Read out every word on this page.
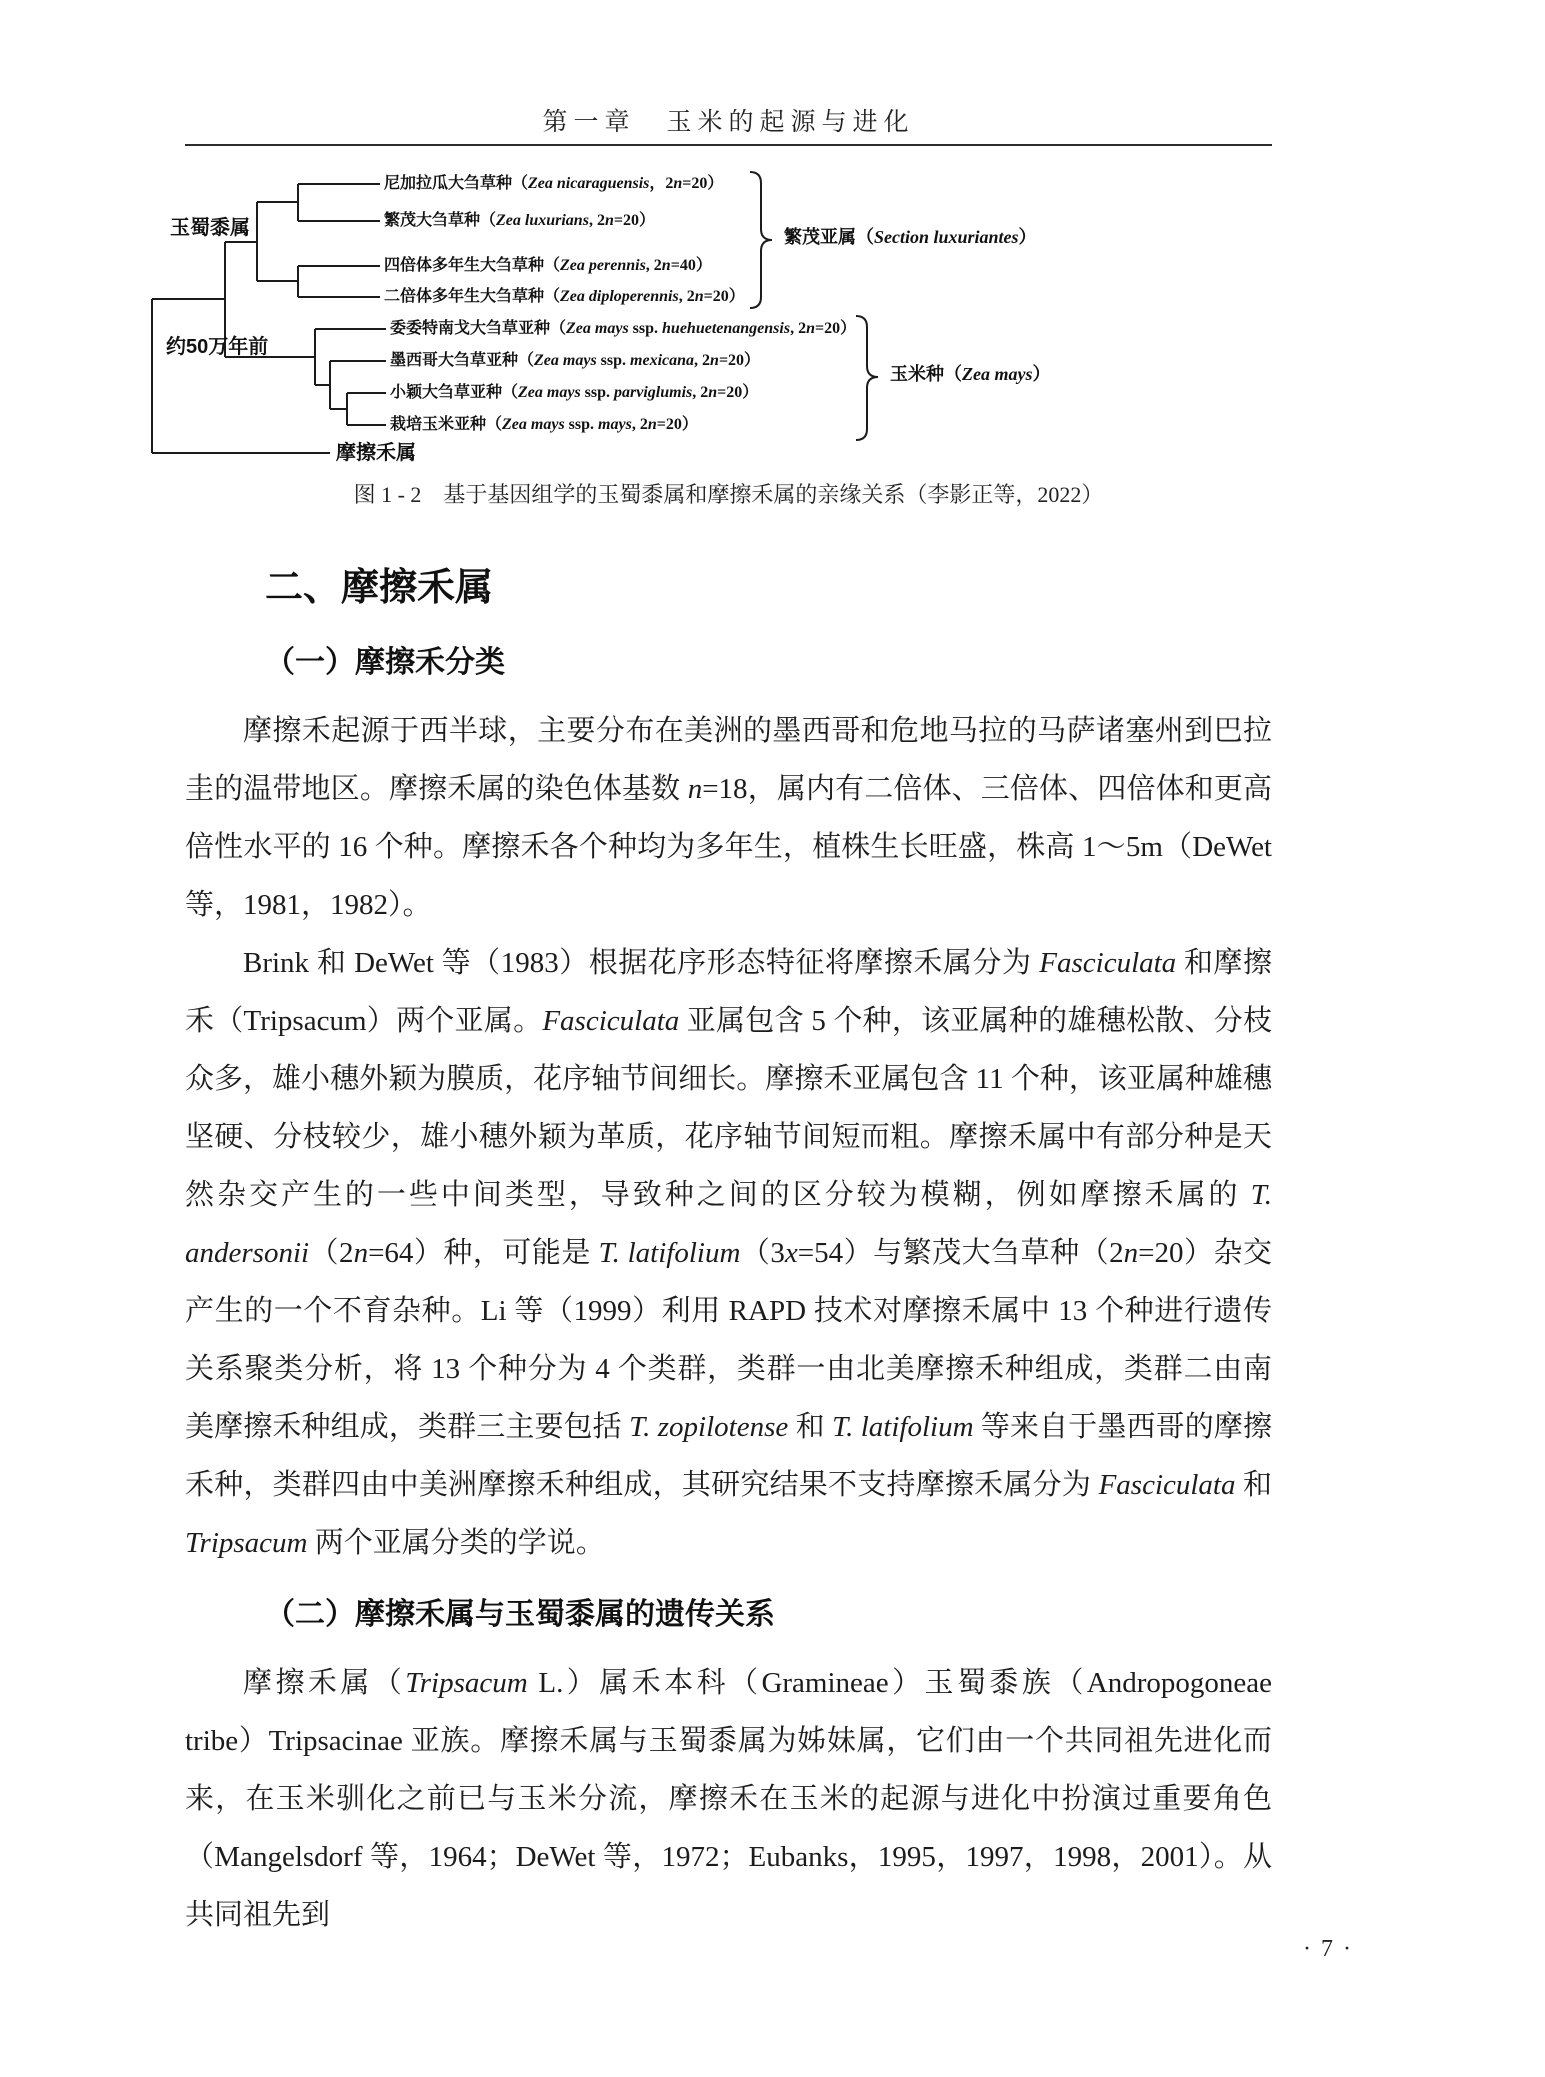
第一章　玉米的起源与进化
玉蜀黍属
约50万年前
摩擦禾属
尼加拉瓜大刍草种（Zea nicaraguensis，2n=20）
繁茂大刍草种（Zea luxurians, 2n=20）
四倍体多年生大刍草种（Zea perennis, 2n=40）
二倍体多年生大刍草种（Zea diploperennis, 2n=20）
委委特南戈大刍草亚种（Zea mays ssp. huehuetenangensis, 2n=20）
墨西哥大刍草亚种（Zea mays ssp. mexicana, 2n=20）
小颖大刍草亚种（Zea mays ssp. parviglumis, 2n=20）
栽培玉米亚种（Zea mays ssp. mays, 2n=20）
繁茂亚属（Section luxuriantes）
玉米种（Zea mays）
图 1 - 2　基于基因组学的玉蜀黍属和摩擦禾属的亲缘关系（李影正等，2022）
二、摩擦禾属
（一）摩擦禾分类

摩擦禾起源于西半球，主要分布在美洲的墨西哥和危地马拉的马萨诸塞州到巴拉圭的温带地区。摩擦禾属的染色体基数 n=18，属内有二倍体、三倍体、四倍体和更高倍性水平的 16 个种。摩擦禾各个种均为多年生，植株生长旺盛，株高 1～5m（DeWet 等，1981，1982）。

Brink 和 DeWet 等（1983）根据花序形态特征将摩擦禾属分为 Fasciculata 和摩擦禾（Tripsacum）两个亚属。Fasciculata 亚属包含 5 个种，该亚属种的雄穗松散、分枝众多，雄小穗外颖为膜质，花序轴节间细长。摩擦禾亚属包含 11 个种，该亚属种雄穗坚硬、分枝较少，雄小穗外颖为革质，花序轴节间短而粗。摩擦禾属中有部分种是天然杂交产生的一些中间类型，导致种之间的区分较为模糊，例如摩擦禾属的 T. andersonii（2n=64）种，可能是 T. latifolium（3x=54）与繁茂大刍草种（2n=20）杂交产生的一个不育杂种。Li 等（1999）利用 RAPD 技术对摩擦禾属中 13 个种进行遗传关系聚类分析，将 13 个种分为 4 个类群，类群一由北美摩擦禾种组成，类群二由南美摩擦禾种组成，类群三主要包括 T. zopilotense 和 T. latifolium 等来自于墨西哥的摩擦禾种，类群四由中美洲摩擦禾种组成，其研究结果不支持摩擦禾属分为 Fasciculata 和 Tripsacum 两个亚属分类的学说。

（二）摩擦禾属与玉蜀黍属的遗传关系

摩擦禾属（Tripsacum L.）属禾本科（Gramineae）玉蜀黍族（Andropogoneae tribe）Tripsacinae 亚族。摩擦禾属与玉蜀黍属为姊妹属，它们由一个共同祖先进化而来，在玉米驯化之前已与玉米分流，摩擦禾在玉米的起源与进化中扮演过重要角色（Mangelsdorf 等，1964；DeWet 等，1972；Eubanks，1995，1997，1998，2001）。从共同祖先到

· 7 ·
